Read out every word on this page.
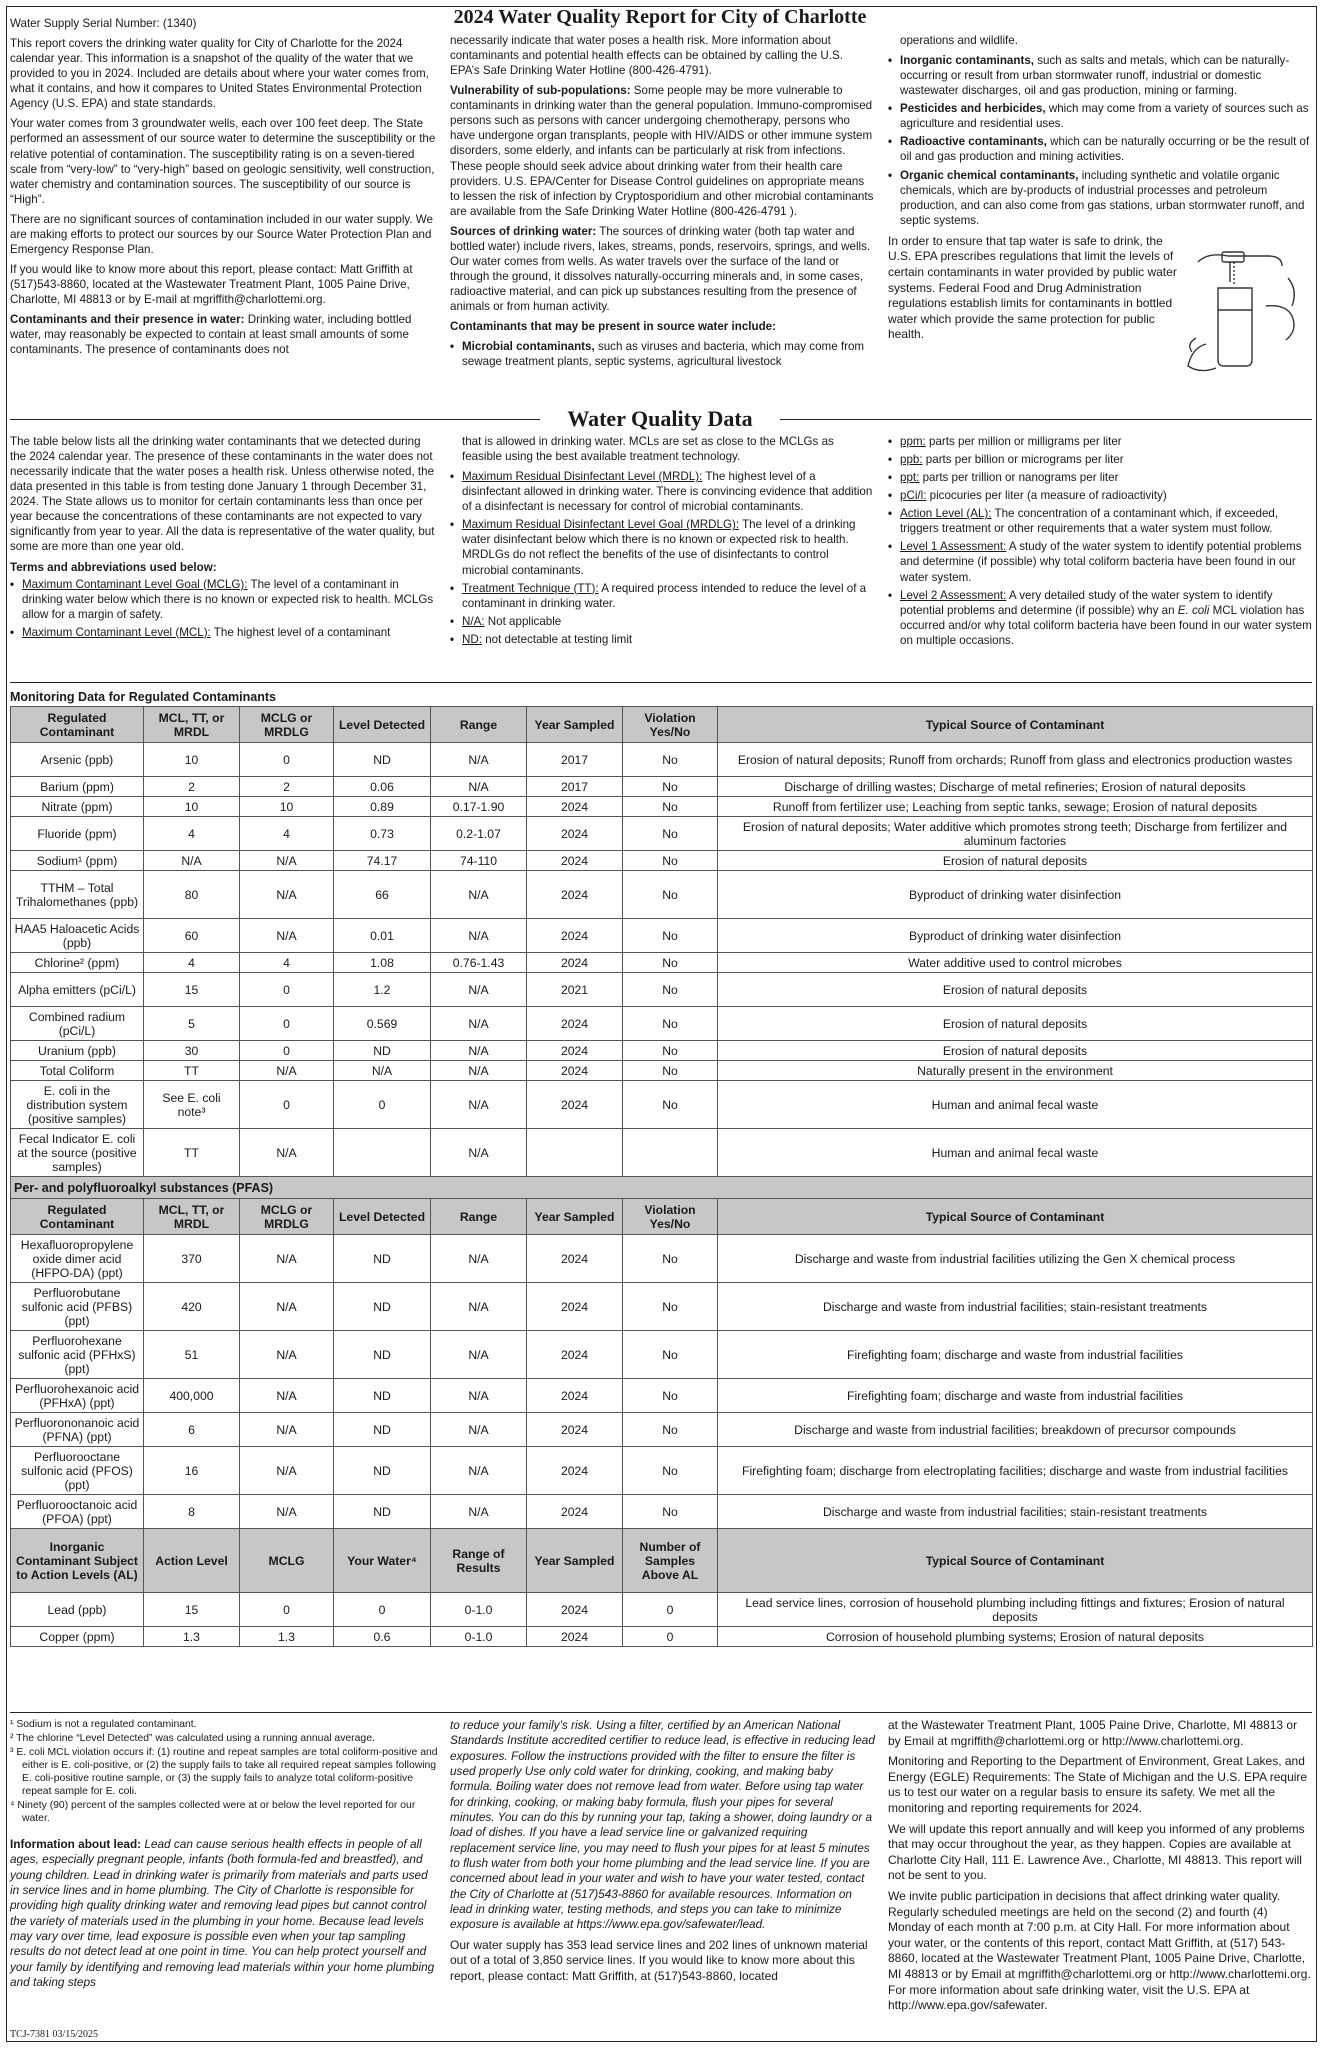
2024 Water Quality Report for City of Charlotte

Water Supply Serial Number: (1340)

This report covers the drinking water quality for City of Charlotte for the 2024 calendar year. This information is a snapshot of the quality of the water that we provided to you in 2024. Included are details about where your water comes from, what it contains, and how it compares to United States Environmental Protection Agency (U.S. EPA) and state standards.

Your water comes from 3 groundwater wells, each over 100 feet deep. The State performed an assessment of our source water to determine the susceptibility or the relative potential of contamination. The susceptibility rating is on a seven-tiered scale from “very-low” to “very-high” based on geologic sensitivity, well construction, water chemistry and contamination sources. The susceptibility of our source is “High”.

There are no significant sources of contamination included in our water supply. We are making efforts to protect our sources by our Source Water Protection Plan and Emergency Response Plan.

If you would like to know more about this report, please contact: Matt Griffith at (517)543-8860, located at the Wastewater Treatment Plant, 1005 Paine Drive, Charlotte, MI 48813 or by E-mail at mgriffith@charlottemi.org.

Contaminants and their presence in water: Drinking water, including bottled water, may reasonably be expected to contain at least small amounts of some contaminants. The presence of contaminants does not

necessarily indicate that water poses a health risk. More information about contaminants and potential health effects can be obtained by calling the U.S. EPA’s Safe Drinking Water Hotline (800-426-4791).

Vulnerability of sub-populations: Some people may be more vulnerable to contaminants in drinking water than the general population. Immuno-compromised persons such as persons with cancer undergoing chemotherapy, persons who have undergone organ transplants, people with HIV/AIDS or other immune system disorders, some elderly, and infants can be particularly at risk from infections. These people should seek advice about drinking water from their health care providers. U.S. EPA/Center for Disease Control guidelines on appropriate means to lessen the risk of infection by Cryptosporidium and other microbial contaminants are available from the Safe Drinking Water Hotline (800-426-4791 ).

Sources of drinking water: The sources of drinking water (both tap water and bottled water) include rivers, lakes, streams, ponds, reservoirs, springs, and wells. Our water comes from wells. As water travels over the surface of the land or through the ground, it dissolves naturally-occurring minerals and, in some cases, radioactive material, and can pick up substances resulting from the presence of animals or from human activity.

Contaminants that may be present in source water include:

• Microbial contaminants, such as viruses and bacteria, which may come from sewage treatment plants, septic systems, agricultural livestock

operations and wildlife.

• Inorganic contaminants, such as salts and metals, which can be naturally-occurring or result from urban stormwater runoff, industrial or domestic wastewater discharges, oil and gas production, mining or farming.
• Pesticides and herbicides, which may come from a variety of sources such as agriculture and residential uses.
• Radioactive contaminants, which can be naturally occurring or be the result of oil and gas production and mining activities.
• Organic chemical contaminants, including synthetic and volatile organic chemicals, which are by-products of industrial processes and petroleum production, and can also come from gas stations, urban stormwater runoff, and septic systems.

In order to ensure that tap water is safe to drink, the U.S. EPA prescribes regulations that limit the levels of certain contaminants in water provided by public water systems. Federal Food and Drug Administration regulations establish limits for contaminants in bottled water which provide the same protection for public health.

Water Quality Data

The table below lists all the drinking water contaminants that we detected during the 2024 calendar year. The presence of these contaminants in the water does not necessarily indicate that the water poses a health risk. Unless otherwise noted, the data presented in this table is from testing done January 1 through December 31, 2024. The State allows us to monitor for certain contaminants less than once per year because the concentrations of these contaminants are not expected to vary significantly from year to year. All the data is representative of the water quality, but some are more than one year old.

Terms and abbreviations used below:

• Maximum Contaminant Level Goal (MCLG): The level of a contaminant in drinking water below which there is no known or expected risk to health. MCLGs allow for a margin of safety.
• Maximum Contaminant Level (MCL): The highest level of a contaminant

that is allowed in drinking water. MCLs are set as close to the MCLGs as feasible using the best available treatment technology.

• Maximum Residual Disinfectant Level (MRDL): The highest level of a disinfectant allowed in drinking water. There is convincing evidence that addition of a disinfectant is necessary for control of microbial contaminants.
• Maximum Residual Disinfectant Level Goal (MRDLG): The level of a drinking water disinfectant below which there is no known or expected risk to health. MRDLGs do not reflect the benefits of the use of disinfectants to control microbial contaminants.
• Treatment Technique (TT): A required process intended to reduce the level of a contaminant in drinking water.
• N/A: Not applicable
• ND: not detectable at testing limit
• ppm: parts per million or milligrams per liter
• ppb: parts per billion or micrograms per liter
• ppt: parts per trillion or nanograms per liter
• pCi/l: picocuries per liter (a measure of radioactivity)
• Action Level (AL): The concentration of a contaminant which, if exceeded, triggers treatment or other requirements that a water system must follow.
• Level 1 Assessment: A study of the water system to identify potential problems and determine (if possible) why total coliform bacteria have been found in our water system.
• Level 2 Assessment: A very detailed study of the water system to identify potential problems and determine (if possible) why an E. coli MCL violation has occurred and/or why total coliform bacteria have been found in our water system on multiple occasions.
Monitoring Data for Regulated Contaminants
Regulated Contaminant	MCL, TT, or MRDL	MCLG or MRDLG	Level Detected	Range	Year Sampled	Violation Yes/No	Typical Source of Contaminant
Arsenic (ppb)	10	0	ND	N/A	2017	No	Erosion of natural deposits; Runoff from orchards; Runoff from glass and electronics production wastes
Barium (ppm)	2	2	0.06	N/A	2017	No	Discharge of drilling wastes; Discharge of metal refineries; Erosion of natural deposits
Nitrate (ppm)	10	10	0.89	0.17-1.90	2024	No	Runoff from fertilizer use; Leaching from septic tanks, sewage; Erosion of natural deposits
Fluoride (ppm)	4	4	0.73	0.2-1.07	2024	No	Erosion of natural deposits; Water additive which promotes strong teeth; Discharge from fertilizer and aluminum factories
Sodium¹ (ppm)	N/A	N/A	74.17	74-110	2024	No	Erosion of natural deposits
TTHM – Total Trihalomethanes (ppb)	80	N/A	66	N/A	2024	No	Byproduct of drinking water disinfection
HAA5 Haloacetic Acids (ppb)	60	N/A	0.01	N/A	2024	No	Byproduct of drinking water disinfection
Chlorine² (ppm)	4	4	1.08	0.76-1.43	2024	No	Water additive used to control microbes
Alpha emitters (pCi/L)	15	0	1.2	N/A	2021	No	Erosion of natural deposits
Combined radium (pCi/L)	5	0	0.569	N/A	2024	No	Erosion of natural deposits
Uranium (ppb)	30	0	ND	N/A	2024	No	Erosion of natural deposits
Total Coliform	TT	N/A	N/A	N/A	2024	No	Naturally present in the environment
E. coli in the distribution system (positive samples)	See E. coli note³	0	0	N/A	2024	No	Human and animal fecal waste
Fecal Indicator E. coli at the source (positive samples)	TT	N/A		N/A			Human and animal fecal waste
Per- and polyfluoroalkyl substances (PFAS)							
Regulated Contaminant	MCL, TT, or MRDL	MCLG or MRDLG	Level Detected	Range	Year Sampled	Violation Yes/No	Typical Source of Contaminant
Hexafluoropropylene oxide dimer acid (HFPO-DA) (ppt)	370	N/A	ND	N/A	2024	No	Discharge and waste from industrial facilities utilizing the Gen X chemical process
Perfluorobutane sulfonic acid (PFBS) (ppt)	420	N/A	ND	N/A	2024	No	Discharge and waste from industrial facilities; stain-resistant treatments
Perfluorohexane sulfonic acid (PFHxS) (ppt)	51	N/A	ND	N/A	2024	No	Firefighting foam; discharge and waste from industrial facilities
Perfluorohexanoic acid (PFHxA) (ppt)	400,000	N/A	ND	N/A	2024	No	Firefighting foam; discharge and waste from industrial facilities
Perfluorononanoic acid (PFNA) (ppt)	6	N/A	ND	N/A	2024	No	Discharge and waste from industrial facilities; breakdown of precursor compounds
Perfluorooctane sulfonic acid (PFOS) (ppt)	16	N/A	ND	N/A	2024	No	Firefighting foam; discharge from electroplating facilities; discharge and waste from industrial facilities
Perfluorooctanoic acid (PFOA) (ppt)	8	N/A	ND	N/A	2024	No	Discharge and waste from industrial facilities; stain-resistant treatments
Inorganic Contaminant Subject to Action Levels (AL)	Action Level	MCLG	Your Water⁴	Range of Results	Year Sampled	Number of Samples Above AL	Typical Source of Contaminant
Lead (ppb)	15	0	0	0-1.0	2024	0	Lead service lines, corrosion of household plumbing including fittings and fixtures; Erosion of natural deposits
Copper (ppm)	1.3	1.3	0.6	0-1.0	2024	0	Corrosion of household plumbing systems; Erosion of natural deposits
¹ Sodium is not a regulated contaminant.
² The chlorine “Level Detected” was calculated using a running annual average.
³ E. coli MCL violation occurs if: (1) routine and repeat samples are total coliform-positive and either is E. coli-positive, or (2) the supply fails to take all required repeat samples following E. coli-positive routine sample, or (3) the supply fails to analyze total coliform-positive repeat sample for E. coli.
⁴ Ninety (90) percent of the samples collected were at or below the level reported for our water.

Information about lead: Lead can cause serious health effects in people of all ages, especially pregnant people, infants (both formula-fed and breastfed), and young children. Lead in drinking water is primarily from materials and parts used in service lines and in home plumbing. The City of Charlotte is responsible for providing high quality drinking water and removing lead pipes but cannot control the variety of materials used in the plumbing in your home. Because lead levels may vary over time, lead exposure is possible even when your tap sampling results do not detect lead at one point in time. You can help protect yourself and your family by identifying and removing lead materials within your home plumbing and taking steps

to reduce your family’s risk. Using a filter, certified by an American National Standards Institute accredited certifier to reduce lead, is effective in reducing lead exposures. Follow the instructions provided with the filter to ensure the filter is used properly Use only cold water for drinking, cooking, and making baby formula. Boiling water does not remove lead from water. Before using tap water for drinking, cooking, or making baby formula, flush your pipes for several minutes. You can do this by running your tap, taking a shower, doing laundry or a load of dishes. If you have a lead service line or galvanized requiring replacement service line, you may need to flush your pipes for at least 5 minutes to flush water from both your home plumbing and the lead service line. If you are concerned about lead in your water and wish to have your water tested, contact the City of Charlotte at (517)543-8860 for available resources. Information on lead in drinking water, testing methods, and steps you can take to minimize exposure is available at https://www.epa.gov/safewater/lead.

Our water supply has 353 lead service lines and 202 lines of unknown material out of a total of 3,850 service lines. If you would like to know more about this report, please contact: Matt Griffith, at (517)543-8860, located

at the Wastewater Treatment Plant, 1005 Paine Drive, Charlotte, MI 48813 or by Email at mgriffith@charlottemi.org or http://www.charlottemi.org.

Monitoring and Reporting to the Department of Environment, Great Lakes, and Energy (EGLE) Requirements: The State of Michigan and the U.S. EPA require us to test our water on a regular basis to ensure its safety. We met all the monitoring and reporting requirements for 2024.

We will update this report annually and will keep you informed of any problems that may occur throughout the year, as they happen. Copies are available at Charlotte City Hall, 111 E. Lawrence Ave., Charlotte, MI 48813. This report will not be sent to you.

We invite public participation in decisions that affect drinking water quality. Regularly scheduled meetings are held on the second (2) and fourth (4) Monday of each month at 7:00 p.m. at City Hall. For more information about your water, or the contents of this report, contact Matt Griffith, at (517) 543-8860, located at the Wastewater Treatment Plant, 1005 Paine Drive, Charlotte, MI 48813 or by Email at mgriffith@charlottemi.org or http://www.charlottemi.org. For more information about safe drinking water, visit the U.S. EPA at http://www.epa.gov/safewater.

TCJ-7381 03/15/2025
